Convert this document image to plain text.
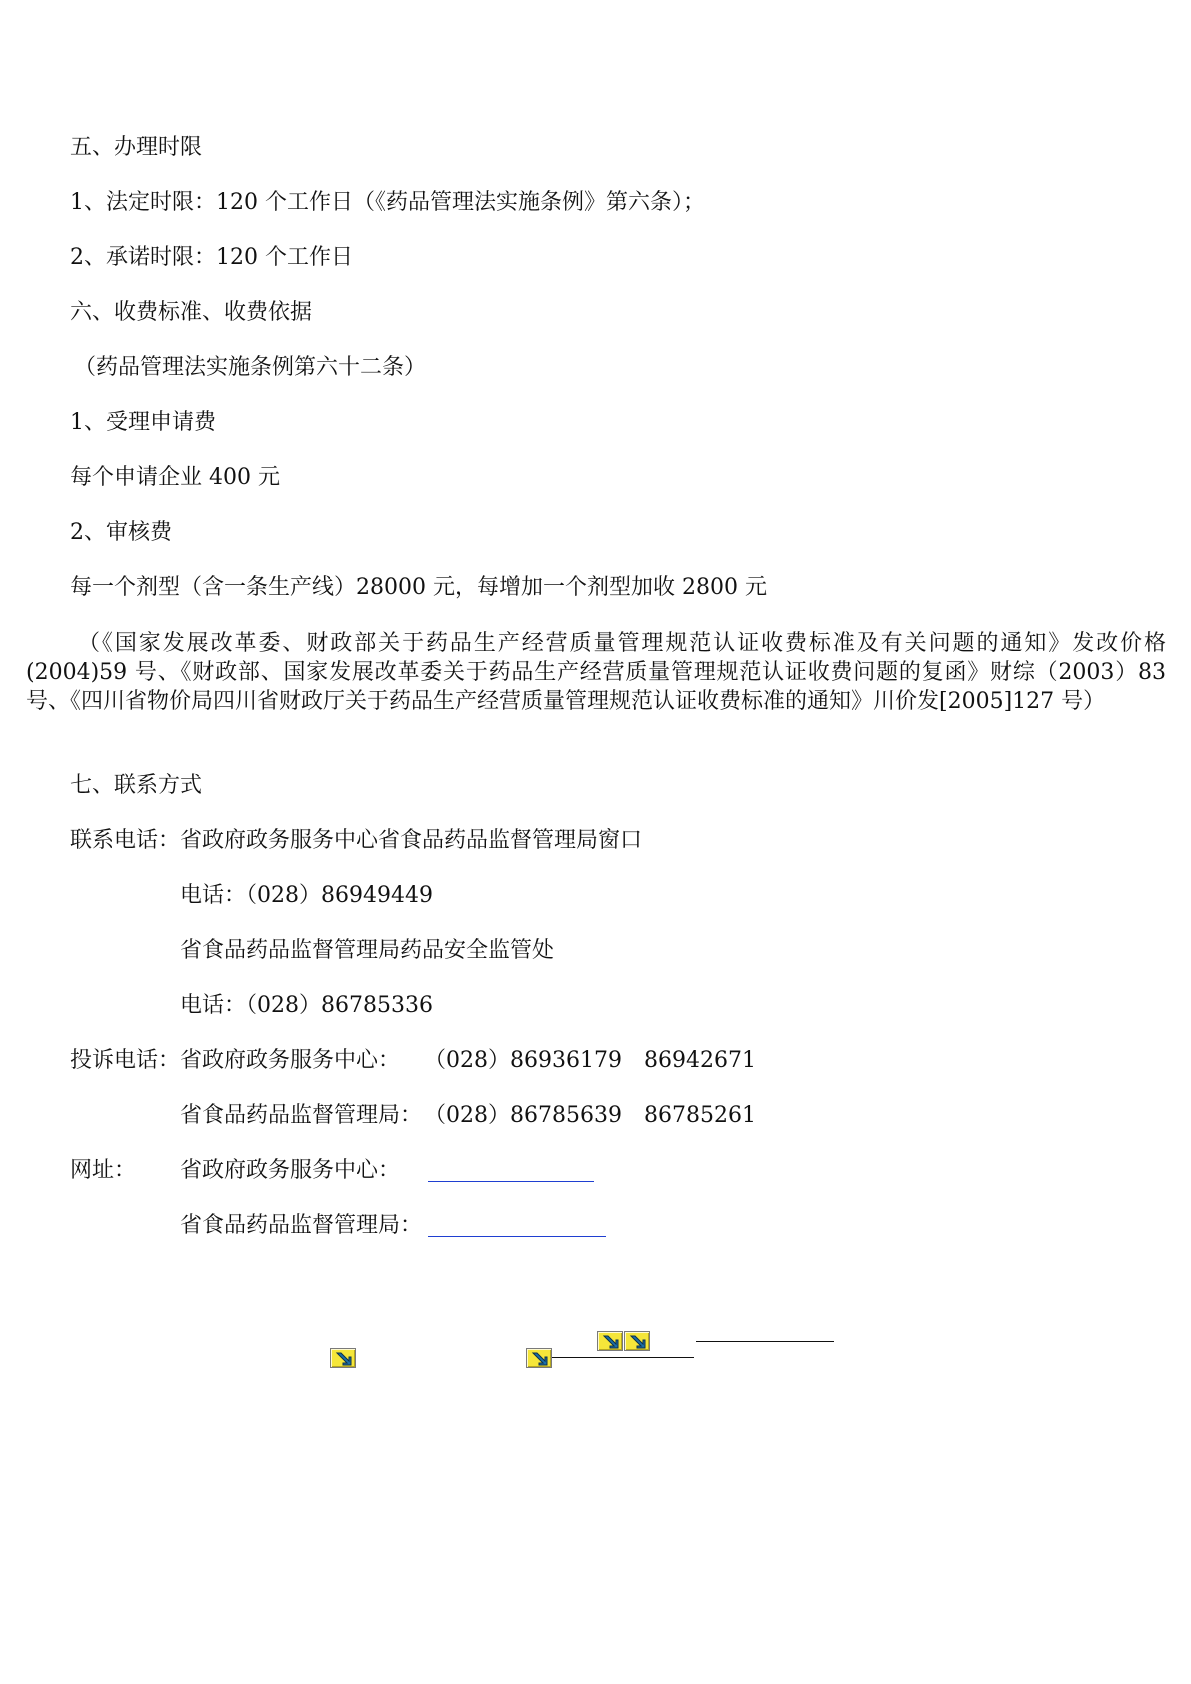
五、办理时限
1、法定时限：120 个工作日（《药品管理法实施条例》第六条）；
2、承诺时限：120 个工作日
六、收费标准、收费依据
（药品管理法实施条例第六十二条）
1、受理申请费
每个申请企业 400 元
2、审核费
每一个剂型（含一条生产线）28000 元，每增加一个剂型加收 2800 元
（《国家发展改革委、财政部关于药品生产经营质量管理规范认证收费标准及有关问题的通知》发改价格(2004)59 号、《财政部、国家发展改革委关于药品生产经营质量管理规范认证收费问题的复函》财综（2003）83 号、《四川省物价局四川省财政厅关于药品生产经营质量管理规范认证收费标准的通知》川价发[2005]127 号）
七、联系方式
联系电话： 省政府政务服务中心省食品药品监督管理局窗口
电话：（028）86949449
省食品药品监督管理局药品安全监管处
电话：（028）86785336
投诉电话： 省政府政务服务中心： （028）86936179　86942671
省食品药品监督管理局： （028）86785639　86785261
网址： 省政府政务服务中心：
省食品药品监督管理局：
